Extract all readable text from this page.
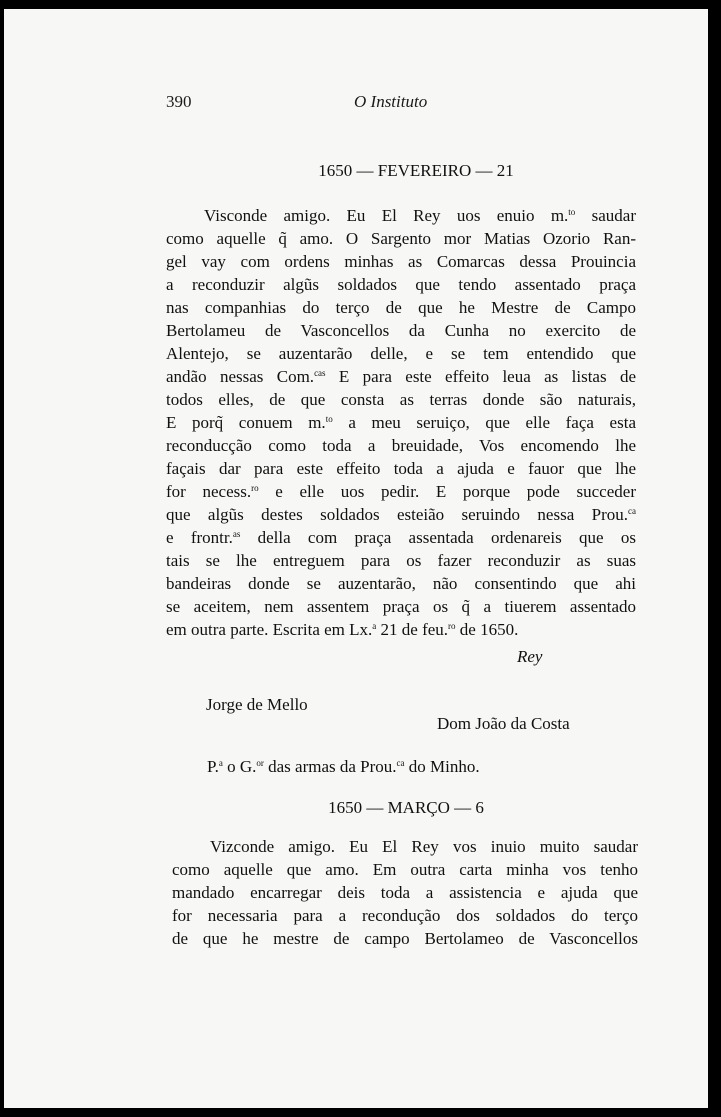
390	O Instituto
1650 — FEVEREIRO — 21
Visconde amigo. Eu El Rey uos enuio m.$^{to}$ saudar
como aquelle q̃ amo. O Sargento mor Matias Ozorio Ran-
gel vay com ordens minhas as Comarcas dessa Prouincia
a reconduzir algũs soldados que tendo assentado praça
nas companhias do terço de que he Mestre de Campo
Bertolameu de Vasconcellos da Cunha no exercito de
Alentejo, se auzentarão delle, e se tem entendido que
andão nessas Com.$^{cas}$ E para este effeito leua as listas de
todos elles, de que consta as terras donde são naturais,
E porq̃ conuem m.$^{to}$ a meu seruiço, que elle faça esta
reconducção como toda a breuidade, Vos encomendo lhe
façais dar para este effeito toda a ajuda e fauor que lhe
for necess.$^{ro}$ e elle uos pedir. E porque pode succeder
que algũs destes soldados esteião seruindo nessa Prou.$^{ca}$
e frontr.$^{as}$ della com praça assentada ordenareis que os
tais se lhe entreguem para os fazer reconduzir as suas
bandeiras donde se auzentarão, não consentindo que ahi
se aceitem, nem assentem praça os q̃ a tiuerem assentado
em outra parte. Escrita em Lx.$^a$ 21 de feu.$^{ro}$ de 1650.
Rey
Jorge de Mello
Dom João da Costa
P.$^a$ o G.$^{or}$ das armas da Prou.$^{ca}$ do Minho.
1650 — MARÇO — 6
Vizconde amigo. Eu El Rey vos inuio muito saudar
como aquelle que amo. Em outra carta minha vos tenho
mandado encarregar deis toda a assistencia e ajuda que
for necessaria para a recondução dos soldados do terço
de que he mestre de campo Bertolameo de Vasconcellos
